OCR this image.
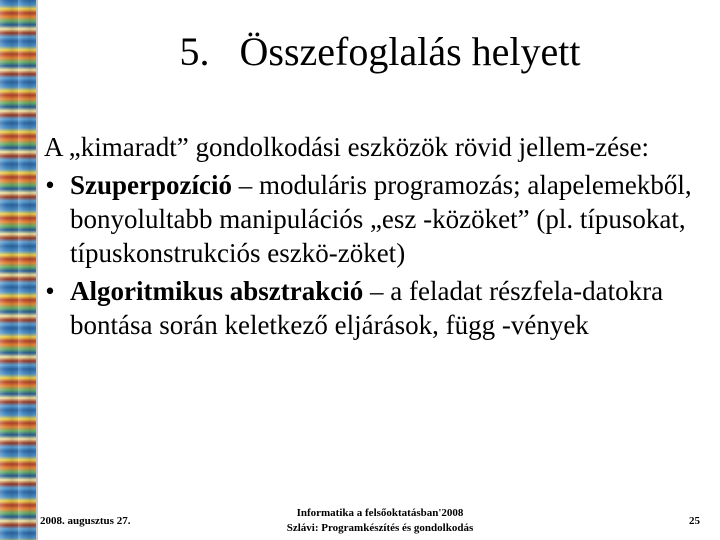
5. Összefoglalás helyett

A „kimaradt” gondolkodási eszközök rövid jellem-zése:

• Szuperpozíció – moduláris programozás; alapelemekből, bonyolultabb manipulációs „esz -közöket” (pl. típusokat, típuskonstrukciós eszkö-zöket)

• Algoritmikus absztrakció – a feladat részfela-datokra bontása során keletkező eljárások, függ -vények

2008. augusztus 27.
Informatika a felsőoktatásban'2008
Szlávi: Programkészítés és gondolkodás
25
